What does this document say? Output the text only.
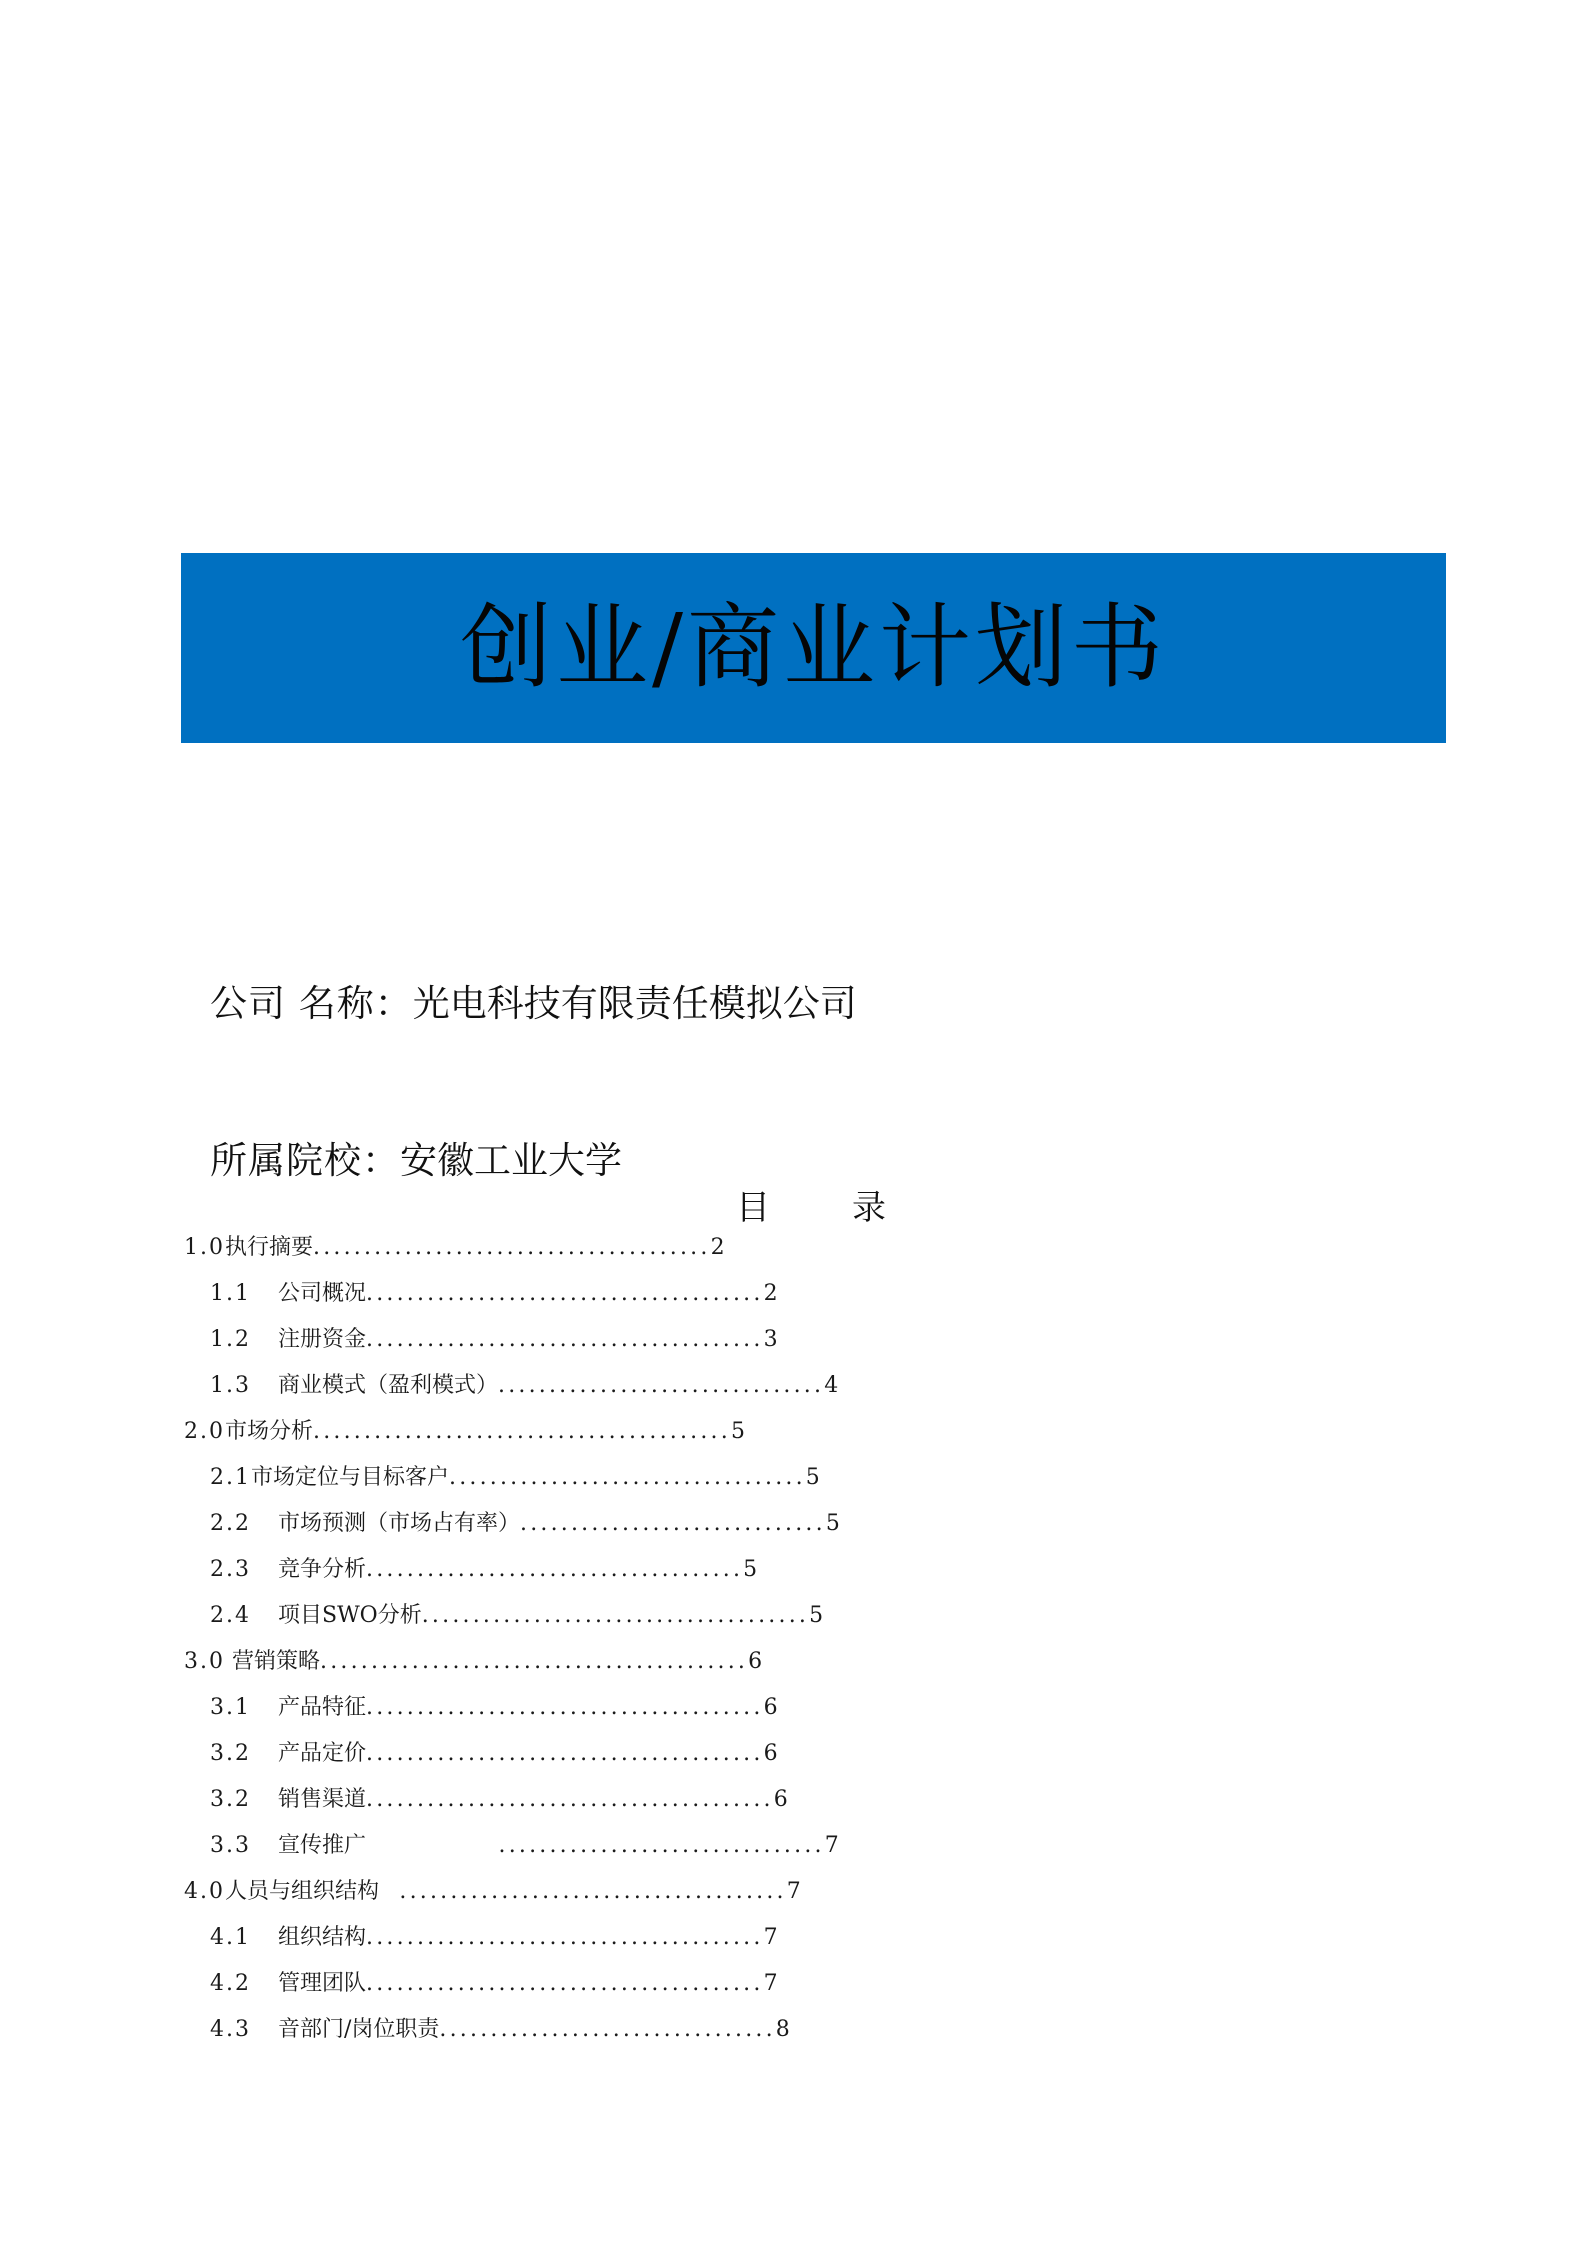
创业/商业计划书
公司 名称：光电科技有限责任模拟公司
所属院校：安徽工业大学
目 录
1.0 执行摘要 ....................................... 2
1.1	公司概况 ....................................... 2
1.2	注册资金 ....................................... 3
1.3	商业模式（盈利模式） ................................ 4
2.0 市场分析 ......................................... 5
2.1 市场定位与目标客户 ................................... 5
2.2	市场预测（市场占有率） .............................. 5
2.3	竞争分析 ..................................... 5
2.4	项目SWO分析 ...................................... 5
3.0 营销策略 .......................................... 6
3.1	产品特征 ....................................... 6
3.2	产品定价 ....................................... 6
3.2	销售渠道 ........................................ 6
3.3	宣传推广 ................................ 7
4.0 人员与组织结构 ...................................... 7
4.1	组织结构 ....................................... 7
4.2	管理团队 ....................................... 7
4.3	音部门/岗位职责 ................................. 8
